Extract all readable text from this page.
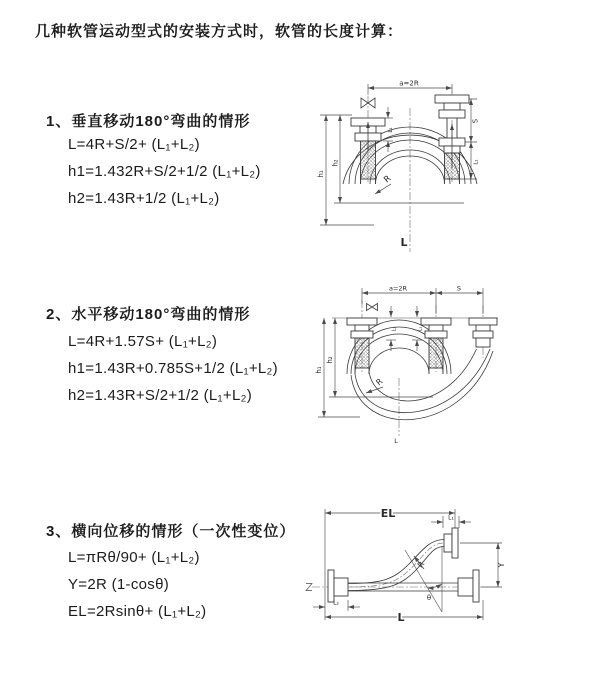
几种软管运动型式的安装方式时，软管的长度计算：
1、垂直移动180°弯曲的情形
L=4R+S/2+ (L₁+L₂)
h1=1.432R+S/2+1/2 (L₁+L₂)
h2=1.43R+1/2 (L₁+L₂)
2、水平移动180°弯曲的情形
L=4R+1.57S+ (L₁+L₂)
h1=1.43R+0.785S+1/2 (L₁+L₂)
h2=1.43R+S/2+1/2 (L₁+L₂)
3、横向位移的情形（一次性变位）
L=πRθ/90+ (L₁+L₂)
Y=2R (1-cosθ)
EL=2Rsinθ+ (L₁+L₂)
a=2R
L₁
S
L₁
h₁
h₂
R
L
a=2R	S
L₁	L₁
h₁
h₂
R
L
EL	L₁
Y
R
θ
L
L₂
